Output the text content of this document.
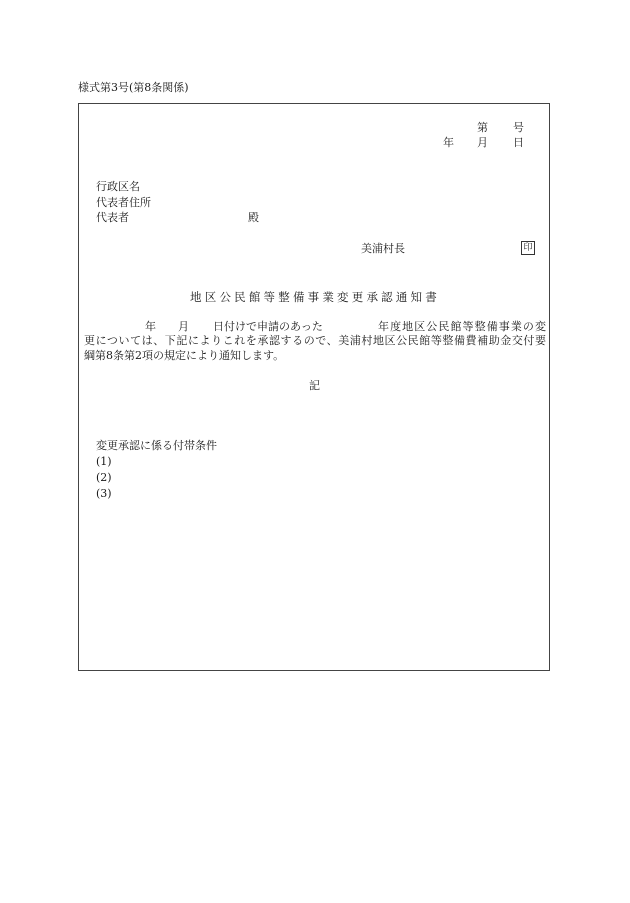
様式第3号(第8条関係)
第 号
年 月 日
行政区名
代表者住所
代表者	殿
美浦村長	印
地区公民館等整備事業変更承認通知書
年 月 日付けで申請のあった	年度地区公民館等整備事業の変
更については、下記によりこれを承認するので、美浦村地区公民館等整備費補助金交付要
綱第8条第2項の規定により通知します。
記
変更承認に係る付帯条件
(1)
(2)
(3)
